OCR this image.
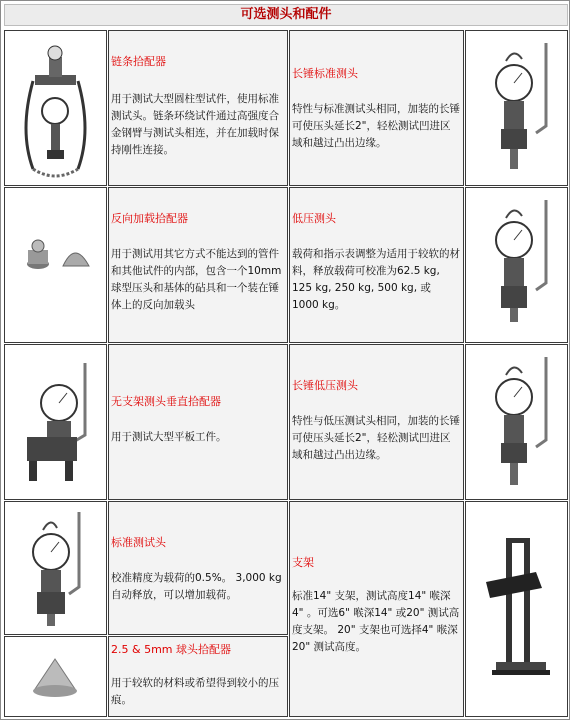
可选测头和配件
链条拾配器
用于测试大型圆柱型试件，使用标准测试头。链条环绕试件通过高强度合金钢臂与测试头相连，并在加载时保持刚性连接。
长锤标准测头
特性与标准测试头相同，加装的长锤可使压头延长2"，轻松测试凹进区域和越过凸出边缘。
反向加载拾配器
用于测试用其它方式不能达到的管件和其他试件的内部，包含一个10mm球型压头和基体的砧具和一个装在锤体上的反向加载头
低压测头
载荷和指示表调整为适用于较软的材料，释放载荷可校准为62.5 kg, 125 kg, 250 kg, 500 kg, 或 1000 kg。
无支架测头垂直拾配器
用于测试大型平板工件。
长锤低压测头
特性与低压测试头相同，加装的长锤可使压头延长2"，轻松测试凹进区域和越过凸出边缘。
标准测试头
校准精度为载荷的0.5%。 3,000 kg 自动释放，可以增加载荷。
支架
标准14" 支架，测试高度14" 喉深4" 。可选6" 喉深14" 或20" 测试高度支架。 20" 支架也可选择4" 喉深 20" 测试高度。
2.5 & 5mm 球头拾配器
用于较软的材料或希望得到较小的压痕。
